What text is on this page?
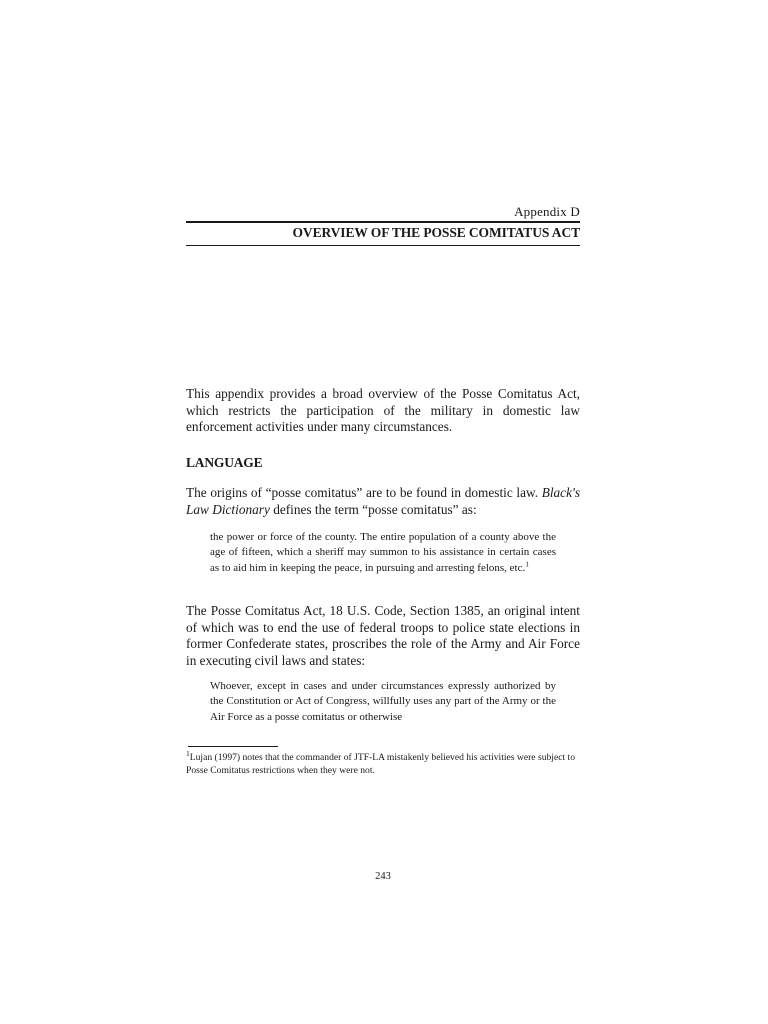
Appendix D
OVERVIEW OF THE POSSE COMITATUS ACT

This appendix provides a broad overview of the Posse Comitatus Act, which restricts the participation of the military in domestic law enforcement activities under many circumstances.

LANGUAGE

The origins of “posse comitatus” are to be found in domestic law. Black's Law Dictionary defines the term “posse comitatus” as:

the power or force of the county. The entire population of a county above the age of fifteen, which a sheriff may summon to his assistance in certain cases as to aid him in keeping the peace, in pursuing and arresting felons, etc.$^1$

The Posse Comitatus Act, 18 U.S. Code, Section 1385, an original intent of which was to end the use of federal troops to police state elections in former Confederate states, proscribes the role of the Army and Air Force in executing civil laws and states:

Whoever, except in cases and under circumstances expressly authorized by the Constitution or Act of Congress, willfully uses any part of the Army or the Air Force as a posse comitatus or otherwise

$^1$Lujan (1997) notes that the commander of JTF-LA mistakenly believed his activities were subject to Posse Comitatus restrictions when they were not.

243
